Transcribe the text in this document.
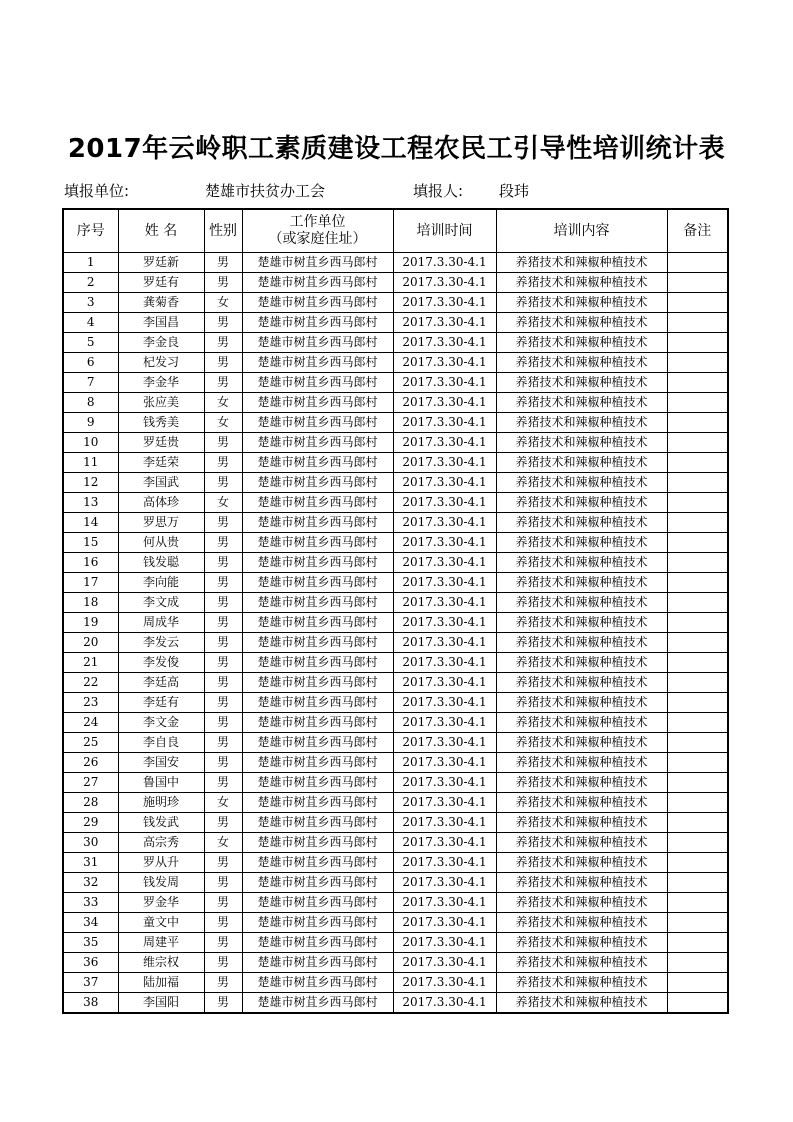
2017年云岭职工素质建设工程农民工引导性培训统计表
填报单位:	楚雄市扶贫办工会	填报人: 段玮
序号	姓 名	性别	工作单位
（或家庭住址）	培训时间	培训内容	备注
1	罗廷新	男	楚雄市树苴乡西马郎村	2017.3.30-4.1	养猪技术和辣椒种植技术	
2	罗廷有	男	楚雄市树苴乡西马郎村	2017.3.30-4.1	养猪技术和辣椒种植技术	
3	龚菊香	女	楚雄市树苴乡西马郎村	2017.3.30-4.1	养猪技术和辣椒种植技术	
4	李国昌	男	楚雄市树苴乡西马郎村	2017.3.30-4.1	养猪技术和辣椒种植技术	
5	李金良	男	楚雄市树苴乡西马郎村	2017.3.30-4.1	养猪技术和辣椒种植技术	
6	杞发习	男	楚雄市树苴乡西马郎村	2017.3.30-4.1	养猪技术和辣椒种植技术	
7	李金华	男	楚雄市树苴乡西马郎村	2017.3.30-4.1	养猪技术和辣椒种植技术	
8	张应美	女	楚雄市树苴乡西马郎村	2017.3.30-4.1	养猪技术和辣椒种植技术	
9	钱秀美	女	楚雄市树苴乡西马郎村	2017.3.30-4.1	养猪技术和辣椒种植技术	
10	罗廷贵	男	楚雄市树苴乡西马郎村	2017.3.30-4.1	养猪技术和辣椒种植技术	
11	李廷荣	男	楚雄市树苴乡西马郎村	2017.3.30-4.1	养猪技术和辣椒种植技术	
12	李国武	男	楚雄市树苴乡西马郎村	2017.3.30-4.1	养猪技术和辣椒种植技术	
13	高体珍	女	楚雄市树苴乡西马郎村	2017.3.30-4.1	养猪技术和辣椒种植技术	
14	罗思万	男	楚雄市树苴乡西马郎村	2017.3.30-4.1	养猪技术和辣椒种植技术	
15	何从贵	男	楚雄市树苴乡西马郎村	2017.3.30-4.1	养猪技术和辣椒种植技术	
16	钱发聪	男	楚雄市树苴乡西马郎村	2017.3.30-4.1	养猪技术和辣椒种植技术	
17	李向能	男	楚雄市树苴乡西马郎村	2017.3.30-4.1	养猪技术和辣椒种植技术	
18	李文成	男	楚雄市树苴乡西马郎村	2017.3.30-4.1	养猪技术和辣椒种植技术	
19	周成华	男	楚雄市树苴乡西马郎村	2017.3.30-4.1	养猪技术和辣椒种植技术	
20	李发云	男	楚雄市树苴乡西马郎村	2017.3.30-4.1	养猪技术和辣椒种植技术	
21	李发俊	男	楚雄市树苴乡西马郎村	2017.3.30-4.1	养猪技术和辣椒种植技术	
22	李廷高	男	楚雄市树苴乡西马郎村	2017.3.30-4.1	养猪技术和辣椒种植技术	
23	李廷有	男	楚雄市树苴乡西马郎村	2017.3.30-4.1	养猪技术和辣椒种植技术	
24	李文金	男	楚雄市树苴乡西马郎村	2017.3.30-4.1	养猪技术和辣椒种植技术	
25	李自良	男	楚雄市树苴乡西马郎村	2017.3.30-4.1	养猪技术和辣椒种植技术	
26	李国安	男	楚雄市树苴乡西马郎村	2017.3.30-4.1	养猪技术和辣椒种植技术	
27	鲁国中	男	楚雄市树苴乡西马郎村	2017.3.30-4.1	养猪技术和辣椒种植技术	
28	施明珍	女	楚雄市树苴乡西马郎村	2017.3.30-4.1	养猪技术和辣椒种植技术	
29	钱发武	男	楚雄市树苴乡西马郎村	2017.3.30-4.1	养猪技术和辣椒种植技术	
30	高宗秀	女	楚雄市树苴乡西马郎村	2017.3.30-4.1	养猪技术和辣椒种植技术	
31	罗从升	男	楚雄市树苴乡西马郎村	2017.3.30-4.1	养猪技术和辣椒种植技术	
32	钱发周	男	楚雄市树苴乡西马郎村	2017.3.30-4.1	养猪技术和辣椒种植技术	
33	罗金华	男	楚雄市树苴乡西马郎村	2017.3.30-4.1	养猪技术和辣椒种植技术	
34	童文中	男	楚雄市树苴乡西马郎村	2017.3.30-4.1	养猪技术和辣椒种植技术	
35	周建平	男	楚雄市树苴乡西马郎村	2017.3.30-4.1	养猪技术和辣椒种植技术	
36	维宗权	男	楚雄市树苴乡西马郎村	2017.3.30-4.1	养猪技术和辣椒种植技术	
37	陆加福	男	楚雄市树苴乡西马郎村	2017.3.30-4.1	养猪技术和辣椒种植技术	
38	李国阳	男	楚雄市树苴乡西马郎村	2017.3.30-4.1	养猪技术和辣椒种植技术	
